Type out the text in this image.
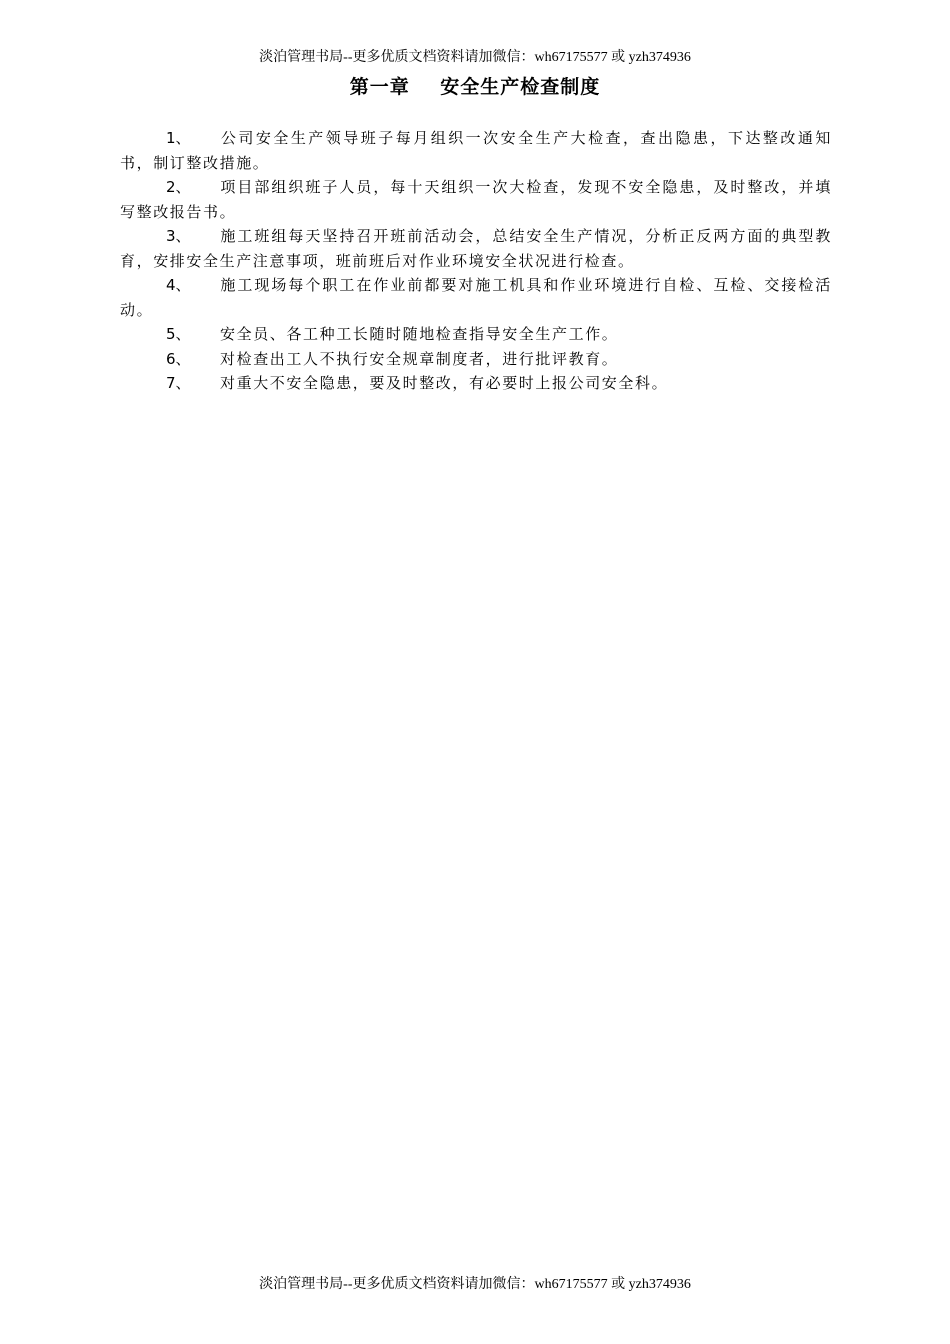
淡泊管理书局--更多优质文档资料请加微信：wh67175577 或 yzh374936
第一章    安全生产检查制度

1、 公司安全生产领导班子每月组织一次安全生产大检查，查出隐患，下达整改通知书，制订整改措施。

2、 项目部组织班子人员，每十天组织一次大检查，发现不安全隐患，及时整改，并填写整改报告书。

3、 施工班组每天坚持召开班前活动会，总结安全生产情况，分析正反两方面的典型教育，安排安全生产注意事项，班前班后对作业环境安全状况进行检查。

4、 施工现场每个职工在作业前都要对施工机具和作业环境进行自检、互检、交接检活动。

5、 安全员、各工种工长随时随地检查指导安全生产工作。

6、 对检查出工人不执行安全规章制度者，进行批评教育。

7、 对重大不安全隐患，要及时整改，有必要时上报公司安全科。

淡泊管理书局--更多优质文档资料请加微信：wh67175577 或 yzh374936
